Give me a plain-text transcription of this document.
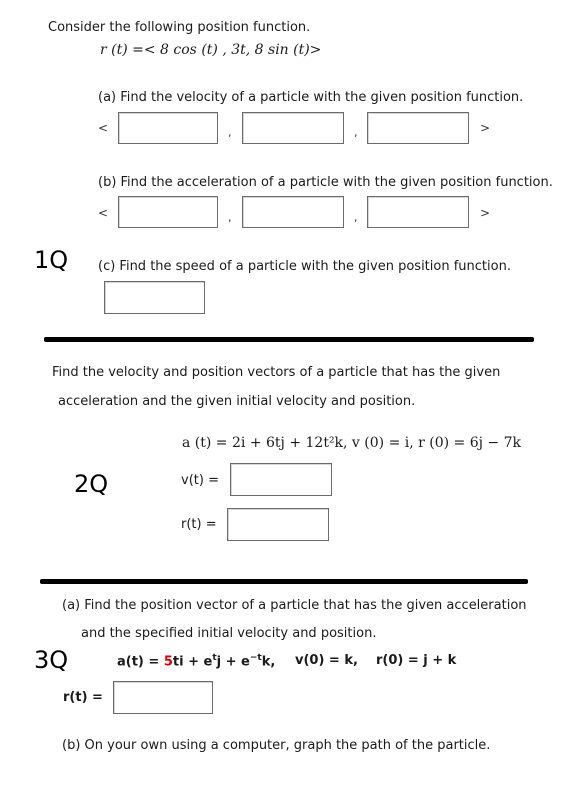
Consider the following position function.
r (t) =< 8 cos (t) , 3t, 8 sin (t)>
(a) Find the velocity of a particle with the given position function.
<	,	,	>
(b) Find the acceleration of a particle with the given position function.
<	,	,	>
1Q (c) Find the speed of a particle with the given position function.
Find the velocity and position vectors of a particle that has the given
acceleration and the given initial velocity and position.
a (t) = 2i + 6tj + 12t²k, v (0) = i, r (0) = 6j − 7k
2Q	v(t) =
r(t) =
(a) Find the position vector of a particle that has the given acceleration
and the specified initial velocity and position.
3Q	$a(t) = 5ti + e^tj + e^{-t}k$, v(0) = k, r(0) = j + k
r(t) =
(b) On your own using a computer, graph the path of the particle.
